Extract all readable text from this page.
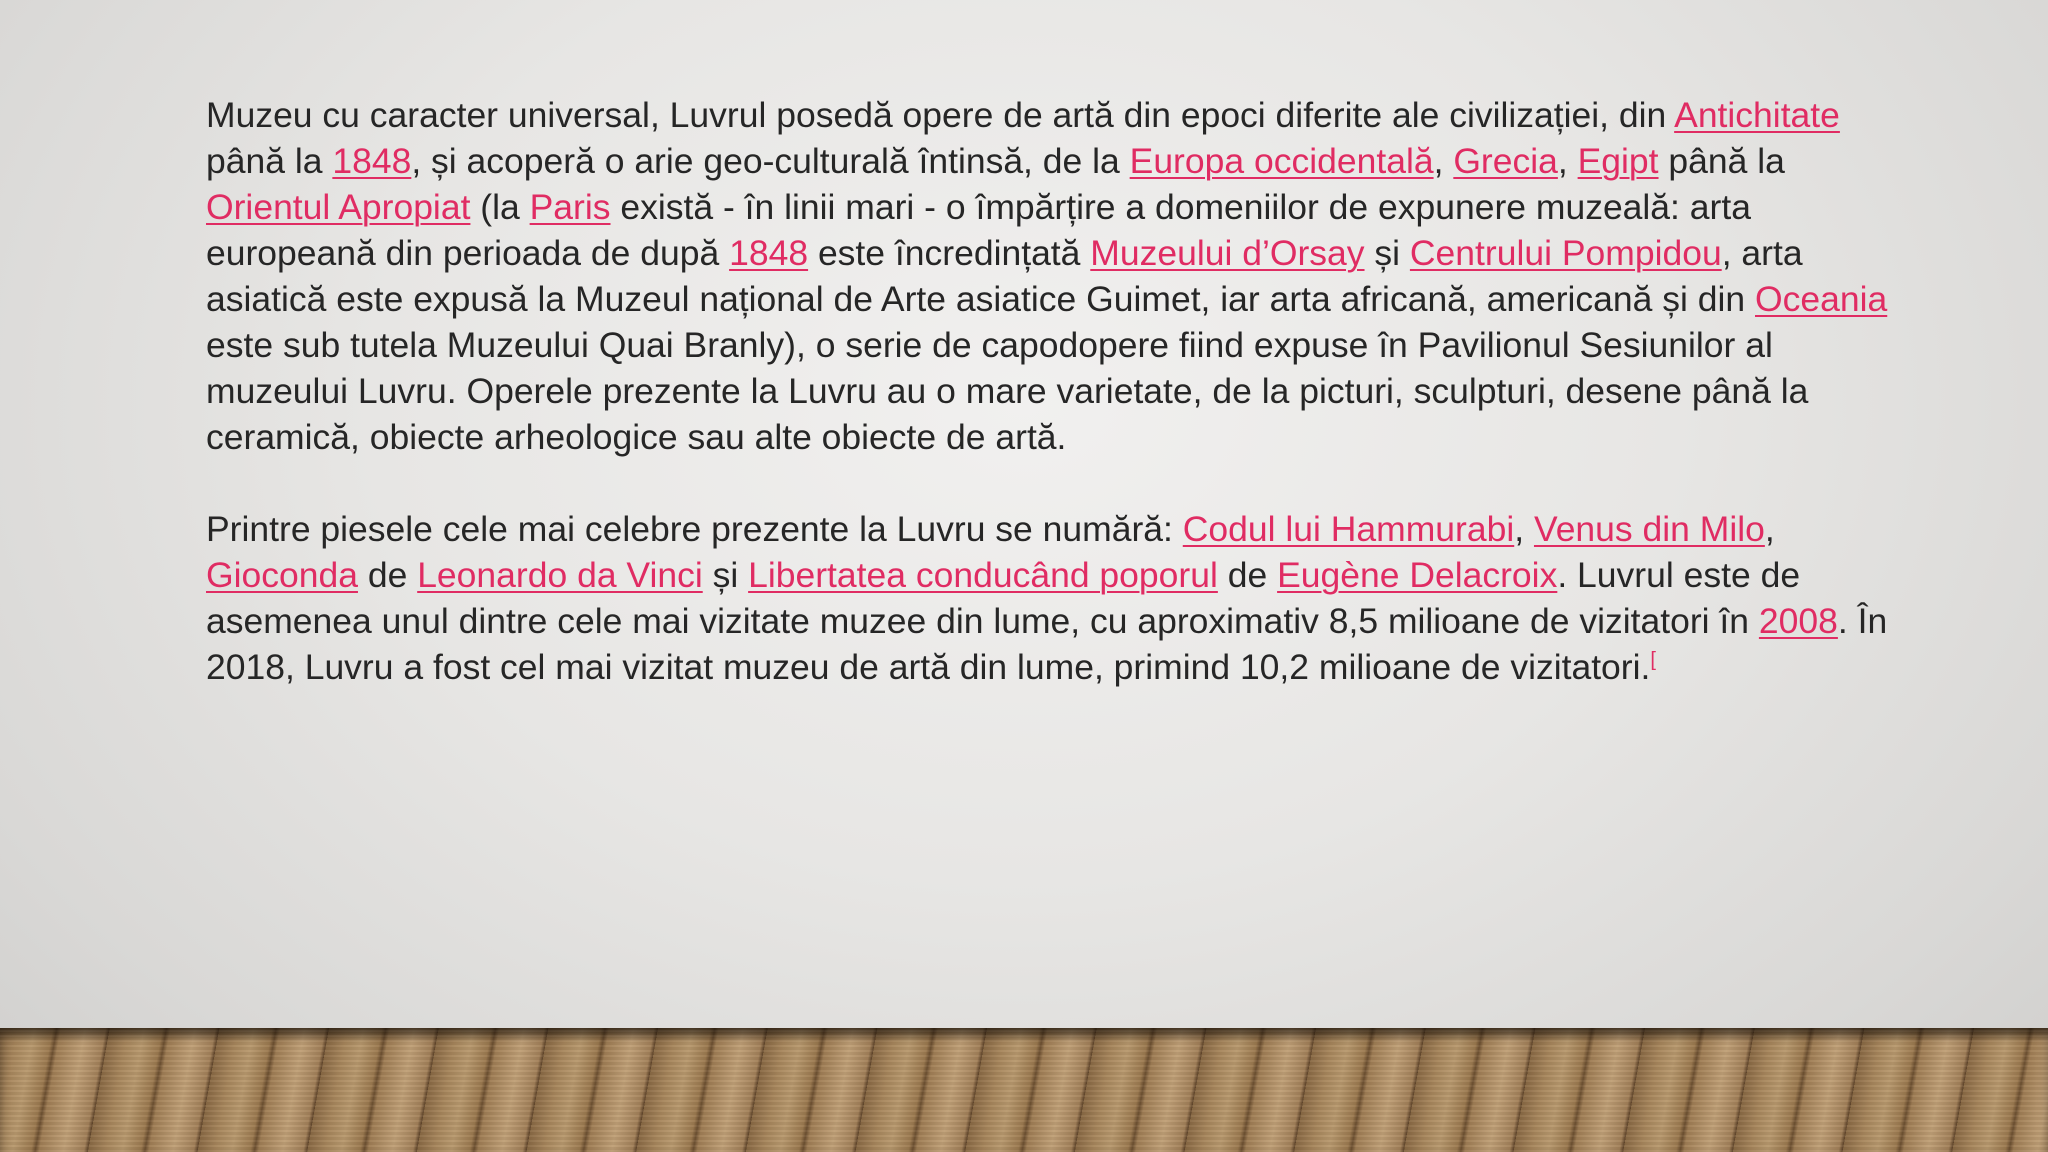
Muzeu cu caracter universal, Luvrul posedă opere de artă din epoci diferite ale civilizației, din Antichitate până la 1848, și acoperă o arie geo-culturală întinsă, de la Europa occidentală, Grecia, Egipt până la Orientul Apropiat (la Paris există - în linii mari - o împărțire a domeniilor de expunere muzeală: arta europeană din perioada de după 1848 este încredințată Muzeului d’Orsay și Centrului Pompidou, arta asiatică este expusă la Muzeul național de Arte asiatice Guimet, iar arta africană, americană și din Oceania este sub tutela Muzeului Quai Branly), o serie de capodopere fiind expuse în Pavilionul Sesiunilor al muzeului Luvru. Operele prezente la Luvru au o mare varietate, de la picturi, sculpturi, desene până la ceramică, obiecte arheologice sau alte obiecte de artă.

Printre piesele cele mai celebre prezente la Luvru se numără: Codul lui Hammurabi, Venus din Milo, Gioconda de Leonardo da Vinci și Libertatea conducând poporul de Eugène Delacroix. Luvrul este de asemenea unul dintre cele mai vizitate muzee din lume, cu aproximativ 8,5 milioane de vizitatori în 2008. În 2018, Luvru a fost cel mai vizitat muzeu de artă din lume, primind 10,2 milioane de vizitatori.[
